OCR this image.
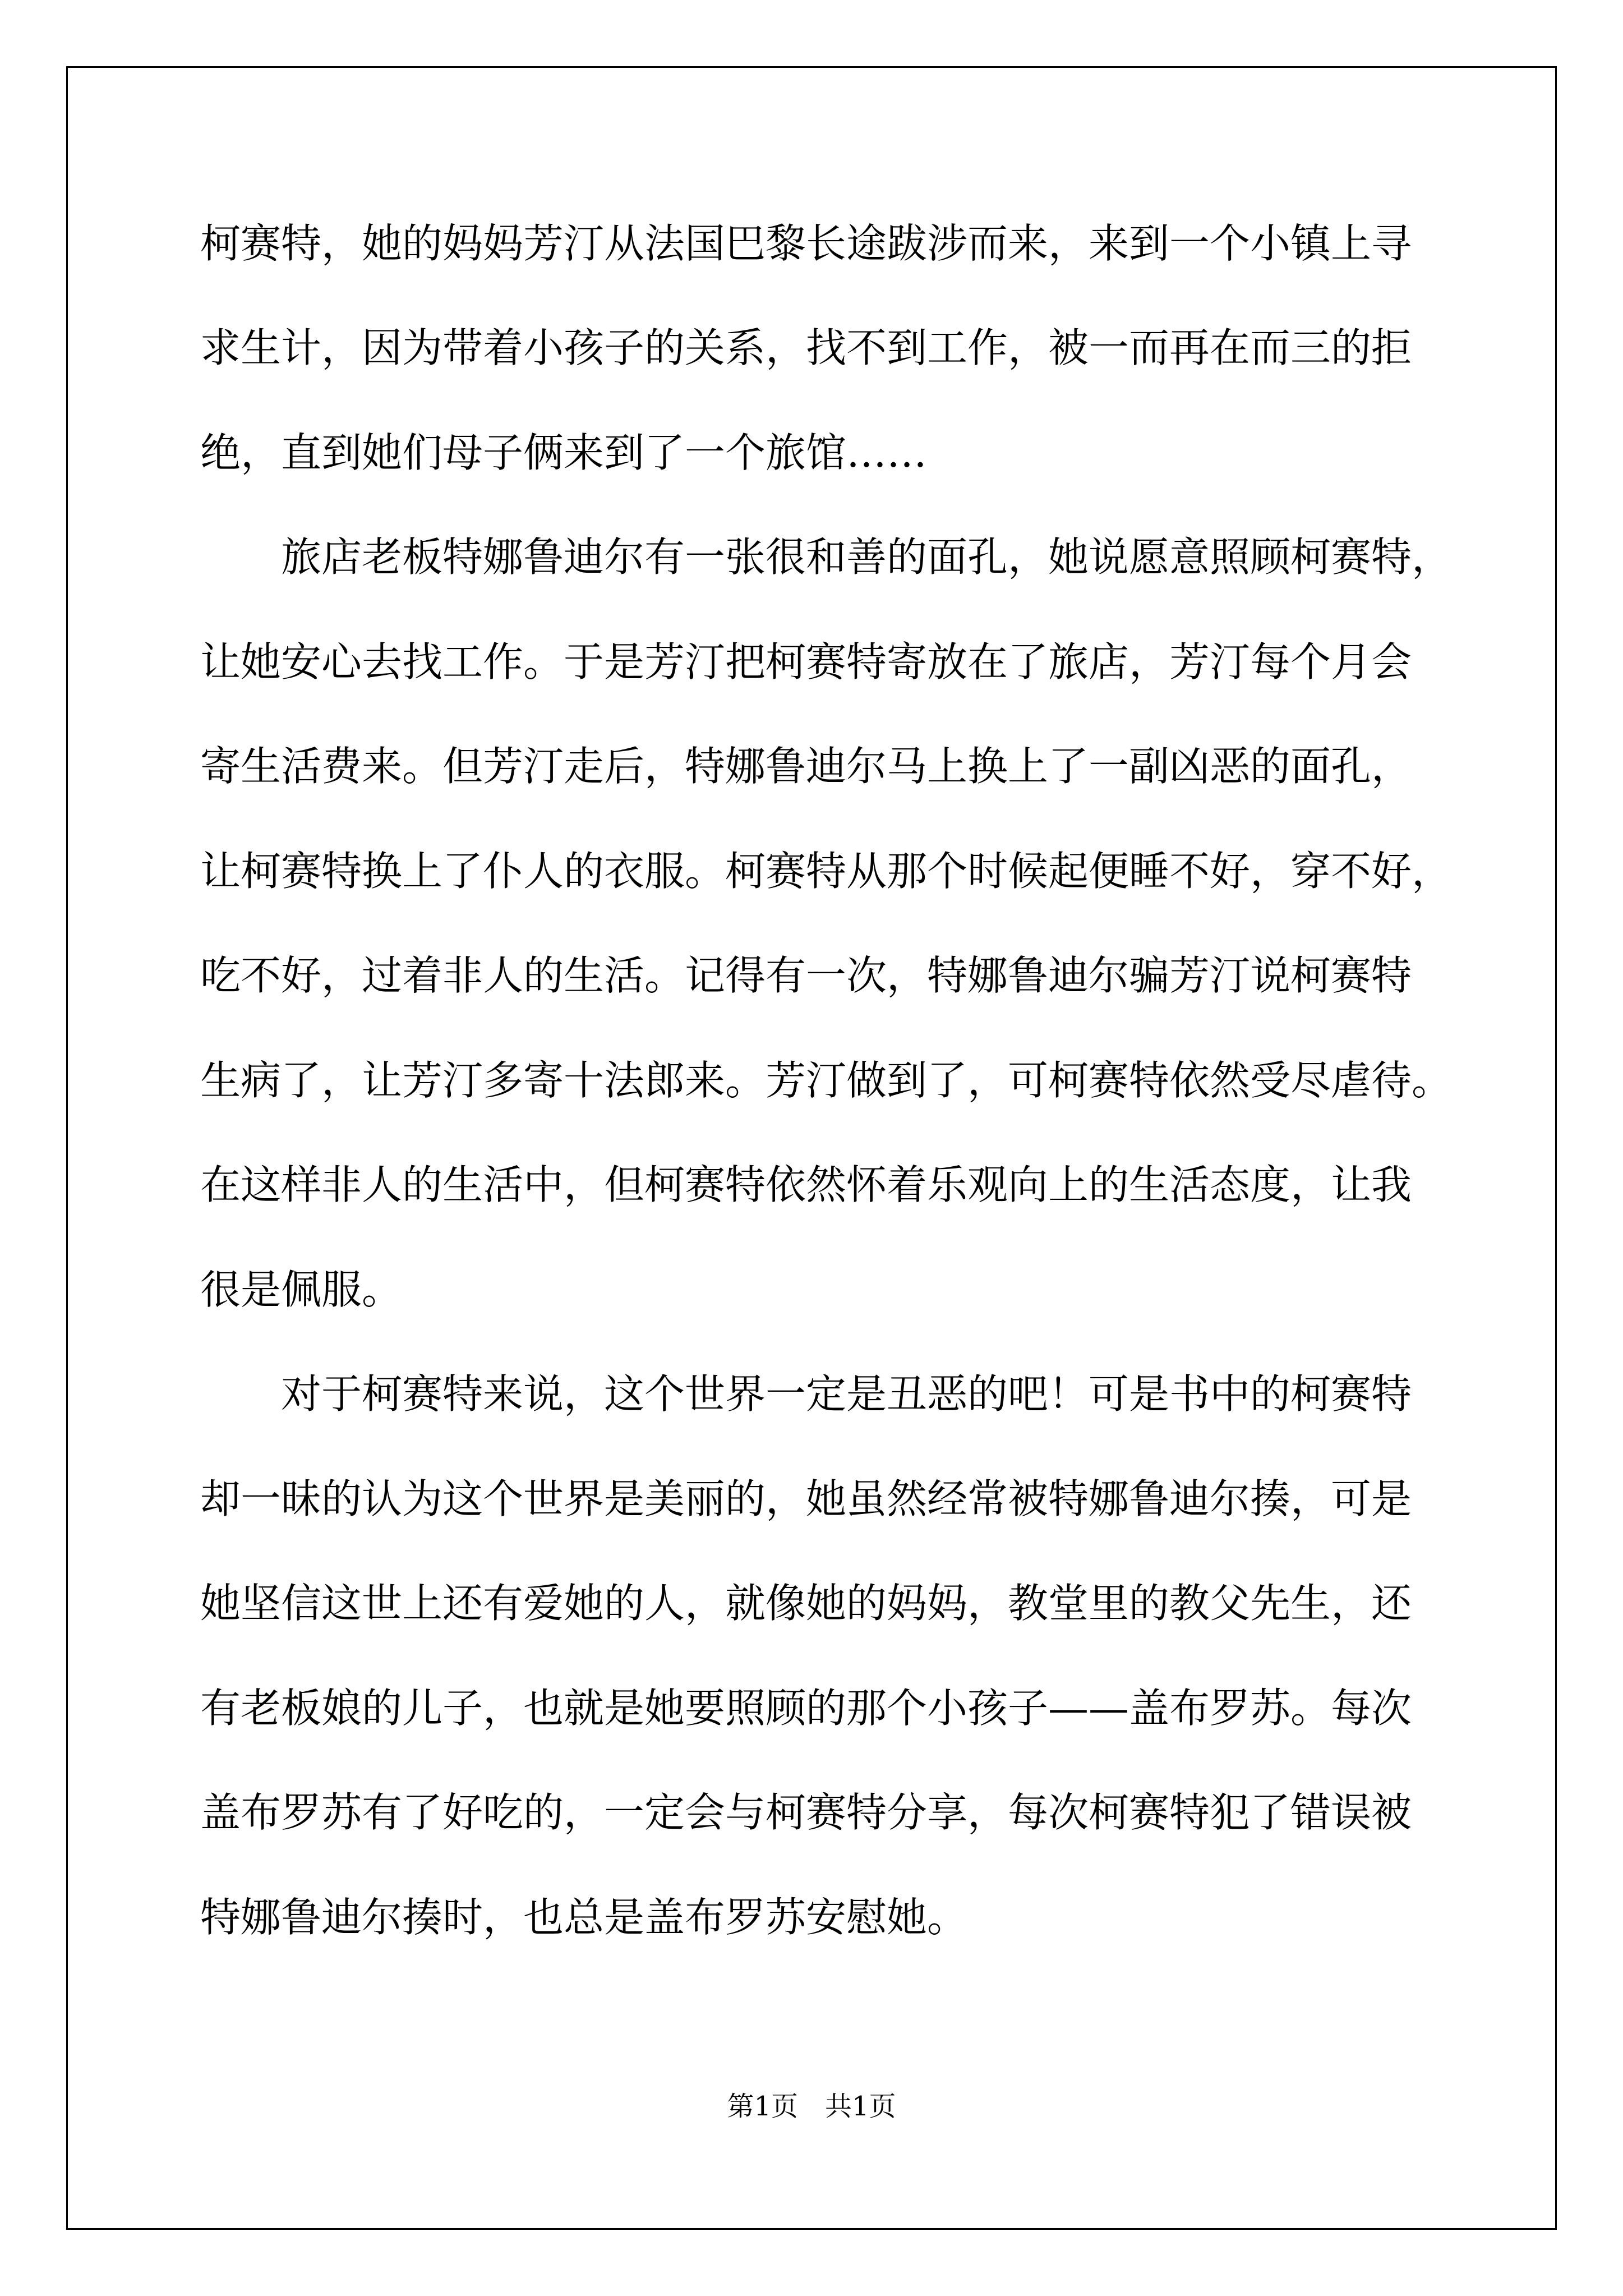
柯赛特，她的妈妈芳汀从法国巴黎长途跋涉而来，来到一个小镇上寻

求生计，因为带着小孩子的关系，找不到工作，被一而再在而三的拒

绝，直到她们母子俩来到了一个旅馆……

　　旅店老板特娜鲁迪尔有一张很和善的面孔，她说愿意照顾柯赛特，

让她安心去找工作。于是芳汀把柯赛特寄放在了旅店，芳汀每个月会

寄生活费来。但芳汀走后，特娜鲁迪尔马上换上了一副凶恶的面孔，

让柯赛特换上了仆人的衣服。柯赛特从那个时候起便睡不好，穿不好，

吃不好，过着非人的生活。记得有一次，特娜鲁迪尔骗芳汀说柯赛特

生病了，让芳汀多寄十法郎来。芳汀做到了，可柯赛特依然受尽虐待。

在这样非人的生活中，但柯赛特依然怀着乐观向上的生活态度，让我

很是佩服。

　　对于柯赛特来说，这个世界一定是丑恶的吧！可是书中的柯赛特

却一昧的认为这个世界是美丽的，她虽然经常被特娜鲁迪尔揍，可是

她坚信这世上还有爱她的人，就像她的妈妈，教堂里的教父先生，还

有老板娘的儿子，也就是她要照顾的那个小孩子——盖布罗苏。每次

盖布罗苏有了好吃的，一定会与柯赛特分享，每次柯赛特犯了错误被

特娜鲁迪尔揍时，也总是盖布罗苏安慰她。

第1页　共1页
